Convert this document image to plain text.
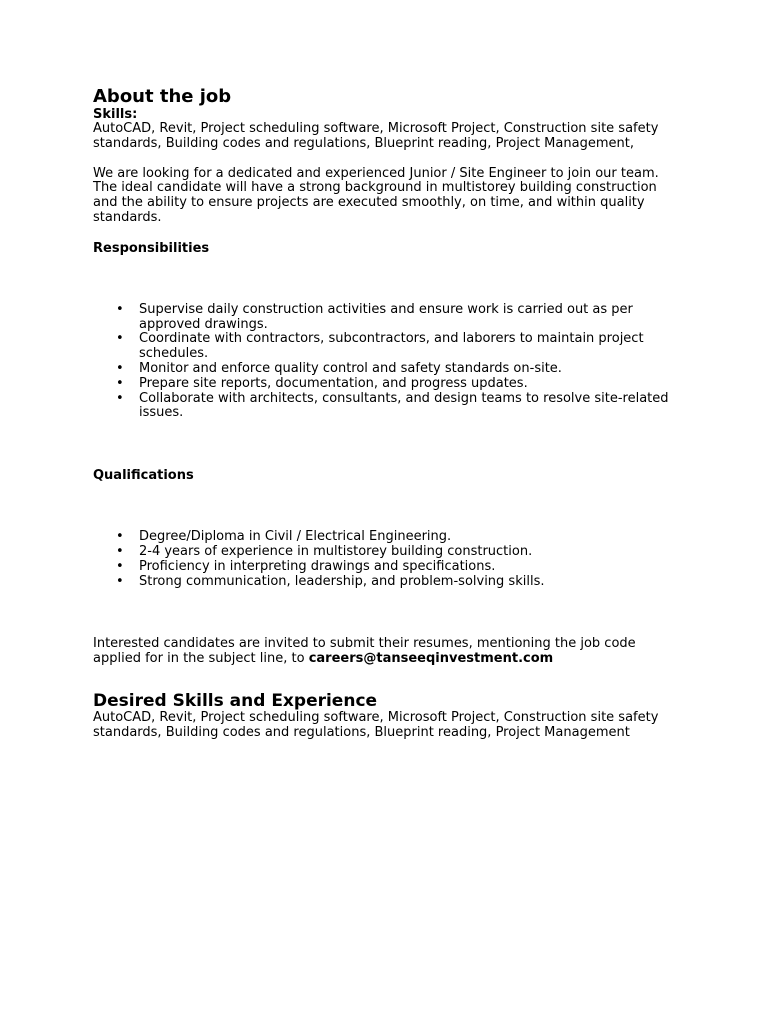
About the job
Skills:

AutoCAD, Revit, Project scheduling software, Microsoft Project, Construction site safety standards, Building codes and regulations, Blueprint reading, Project Management,

We are looking for a dedicated and experienced Junior / Site Engineer to join our team. The ideal candidate will have a strong background in multistorey building construction and the ability to ensure projects are executed smoothly, on time, and within quality standards.

Responsibilities
• Supervise daily construction activities and ensure work is carried out as per approved drawings.
• Coordinate with contractors, subcontractors, and laborers to maintain project schedules.
• Monitor and enforce quality control and safety standards on-site.
• Prepare site reports, documentation, and progress updates.
• Collaborate with architects, consultants, and design teams to resolve site-related issues.
Qualifications
• Degree/Diploma in Civil / Electrical Engineering.
• 2-4 years of experience in multistorey building construction.
• Proficiency in interpreting drawings and specifications.
• Strong communication, leadership, and problem-solving skills.

Interested candidates are invited to submit their resumes, mentioning the job code applied for in the subject line, to careers@tanseeqinvestment.com

Desired Skills and Experience

AutoCAD, Revit, Project scheduling software, Microsoft Project, Construction site safety standards, Building codes and regulations, Blueprint reading, Project Management
